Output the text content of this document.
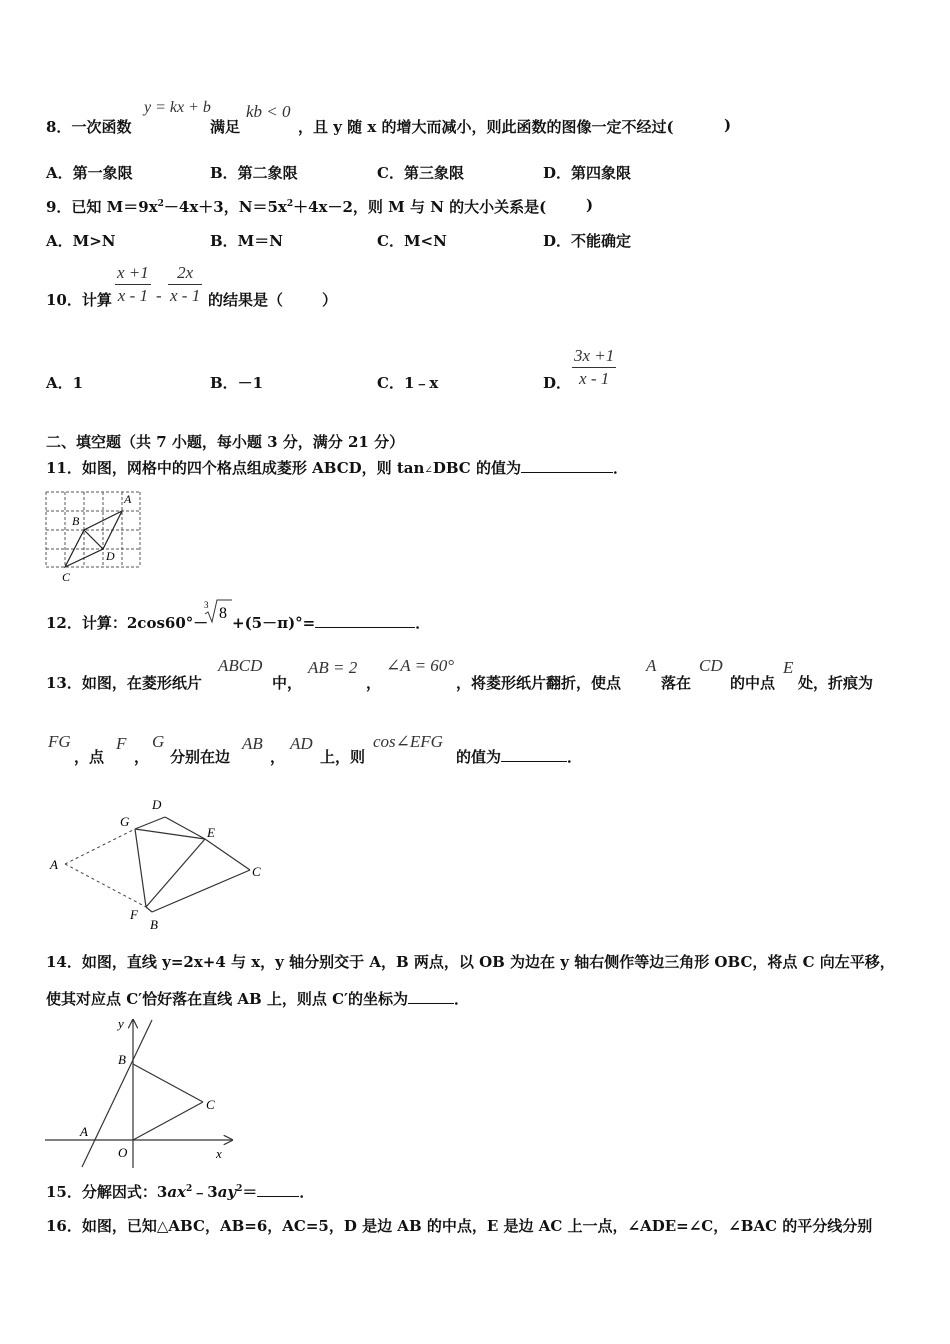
8．一次函数
y = kx + b
满足
kb < 0
，且 y 随 x 的增大而减小，则此函数的图像一定不经过(	)
A．第一象限	B．第二象限	C．第三象限	D．第四象限
9．已知 $M=9x^2-4x+3$，$N=5x^2+4x-2$，则 M 与 N 的大小关系是(	)
A．M>N	B．M＝N	C．M<N	D．不能确定
10．计算 $\frac{x +1}{x - 1} - \frac{2x}{x - 1}$ 的结果是（	）
A．1	B．－1	C．1﹣x	D． $\frac{3x +1}{x - 1}$
二、填空题（共 7 小题，每小题 3 分，满分 21 分）
11．如图，网格中的四个格点组成菱形 ABCD，则 tan∠DBC 的值为	．
A
B
C
D
12．计算：2cos60°－
3 8
+(5－π)°=	．
13．如图，在菱形纸片
ABCD
中，
AB = 2
，
∠A = 60°
，将菱形纸片翻折，使点
A
落在
CD
的中点
E
处，折痕为
FG
，点
F
，
G
分别在边
AB
，
AD
上，则
cos∠EFG
的值为	．
A
G
D
E
C
F
B
14．如图，直线 y=2x+4 与 x，y 轴分别交于 A，B 两点，以 OB 为边在 y 轴右侧作等边三角形 OBC，将点 C 向左平移，
使其对应点 C′恰好落在直线 AB 上，则点 C′的坐标为	．
y
x
B
C
A
O
15．分解因式：$3ax^2﹣3ay^2=$	．
16．如图，已知△ABC，AB=6，AC=5，D 是边 AB 的中点，E 是边 AC 上一点，∠ADE=∠C，∠BAC 的平分线分别
